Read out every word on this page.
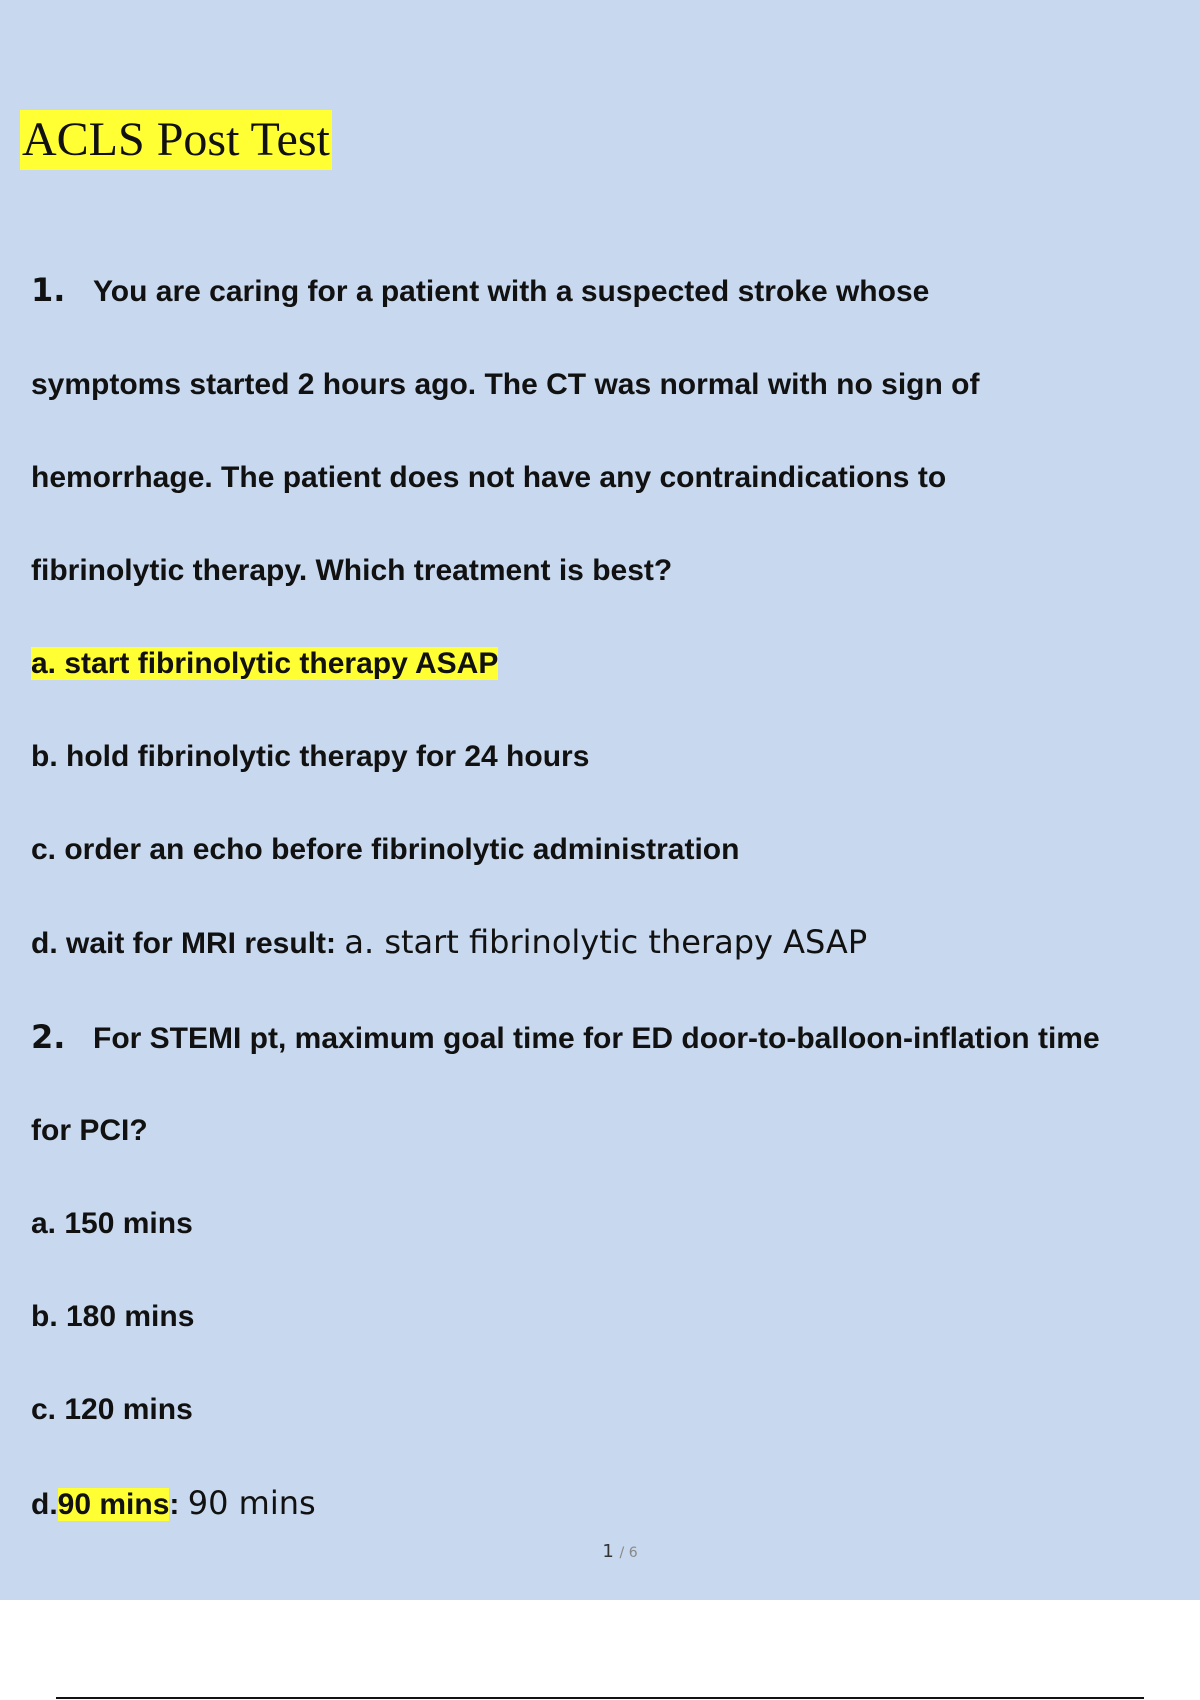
ACLS Post Test
1. You are caring for a patient with a suspected stroke whose
symptoms started 2 hours ago. The CT was normal with no sign of
hemorrhage. The patient does not have any contraindications to
fibrinolytic therapy. Which treatment is best?
a. start fibrinolytic therapy ASAP
b. hold fibrinolytic therapy for 24 hours
c. order an echo before fibrinolytic administration
d. wait for MRI result: a. start fibrinolytic therapy ASAP
2. For STEMI pt, maximum goal time for ED door-to-balloon-inflation time
for PCI?
a. 150 mins
b. 180 mins
c. 120 mins
d.90 mins: 90 mins
1 / 6
